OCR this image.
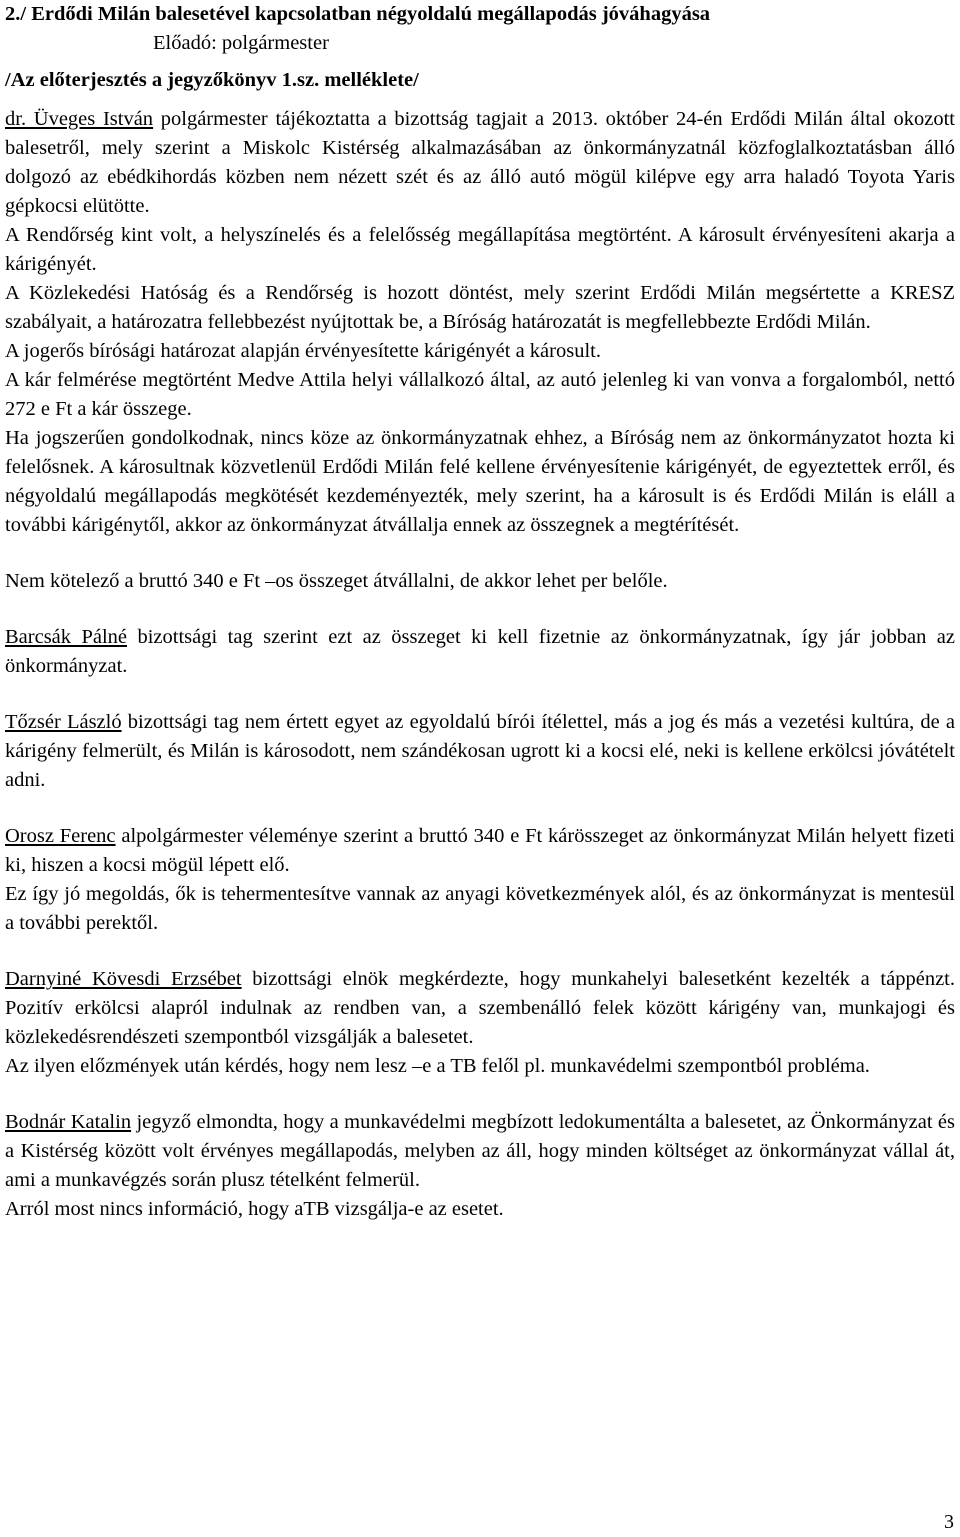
2./ Erdődi Milán balesetével kapcsolatban négyoldalú megállapodás jóváhagyása

Előadó: polgármester

/Az előterjesztés a jegyzőkönyv 1.sz. melléklete/

dr. Üveges István polgármester tájékoztatta a bizottság tagjait a 2013. október 24-én Erdődi Milán által okozott balesetről, mely szerint a Miskolc Kistérség alkalmazásában az önkormányzatnál közfoglalkoztatásban álló dolgozó az ebédkihordás közben nem nézett szét és az álló autó mögül kilépve egy arra haladó Toyota Yaris gépkocsi elütötte.

A Rendőrség kint volt, a helyszínelés és a felelősség megállapítása megtörtént. A károsult érvényesíteni akarja a kárigényét.

A Közlekedési Hatóság és a Rendőrség is hozott döntést, mely szerint Erdődi Milán megsértette a KRESZ szabályait, a határozatra fellebbezést nyújtottak be, a Bíróság határozatát is megfellebbezte Erdődi Milán.

A jogerős bírósági határozat alapján érvényesítette kárigényét a károsult.

A kár felmérése megtörtént Medve Attila helyi vállalkozó által, az autó jelenleg ki van vonva a forgalomból, nettó 272 e Ft a kár összege.

Ha jogszerűen gondolkodnak, nincs köze az önkormányzatnak ehhez, a Bíróság nem az önkormányzatot hozta ki felelősnek. A károsultnak közvetlenül Erdődi Milán felé kellene érvényesítenie kárigényét, de egyeztettek erről, és négyoldalú megállapodás megkötését kezdeményezték, mely szerint, ha a károsult is és Erdődi Milán is eláll a további kárigénytől, akkor az önkormányzat átvállalja ennek az összegnek a megtérítését.

Nem kötelező a bruttó 340 e Ft –os összeget átvállalni, de akkor lehet per belőle.

Barcsák Pálné bizottsági tag szerint ezt az összeget ki kell fizetnie az önkormányzatnak, így jár jobban az önkormányzat.

Tőzsér László bizottsági tag nem értett egyet az egyoldalú bírói ítélettel, más a jog és más a vezetési kultúra, de a kárigény felmerült, és Milán is károsodott, nem szándékosan ugrott ki a kocsi elé, neki is kellene erkölcsi jóvátételt adni.

Orosz Ferenc alpolgármester véleménye szerint a bruttó 340 e Ft kárösszeget az önkormányzat Milán helyett fizeti ki, hiszen a kocsi mögül lépett elő.

Ez így jó megoldás, ők is tehermentesítve vannak az anyagi következmények alól, és az önkormányzat is mentesül a további perektől.

Darnyiné Kövesdi Erzsébet bizottsági elnök megkérdezte, hogy munkahelyi balesetként kezelték a táppénzt. Pozitív erkölcsi alapról indulnak az rendben van, a szembenálló felek között kárigény van, munkajogi és közlekedésrendészeti szempontból vizsgálják a balesetet.

Az ilyen előzmények után kérdés, hogy nem lesz –e a TB felől pl. munkavédelmi szempontból probléma.

Bodnár Katalin jegyző elmondta, hogy a munkavédelmi megbízott ledokumentálta a balesetet, az Önkormányzat és a Kistérség között volt érvényes megállapodás, melyben az áll, hogy minden költséget az önkormányzat vállal át, ami a munkavégzés során plusz tételként felmerül.

Arról most nincs információ, hogy aTB vizsgálja-e az esetet.

3
